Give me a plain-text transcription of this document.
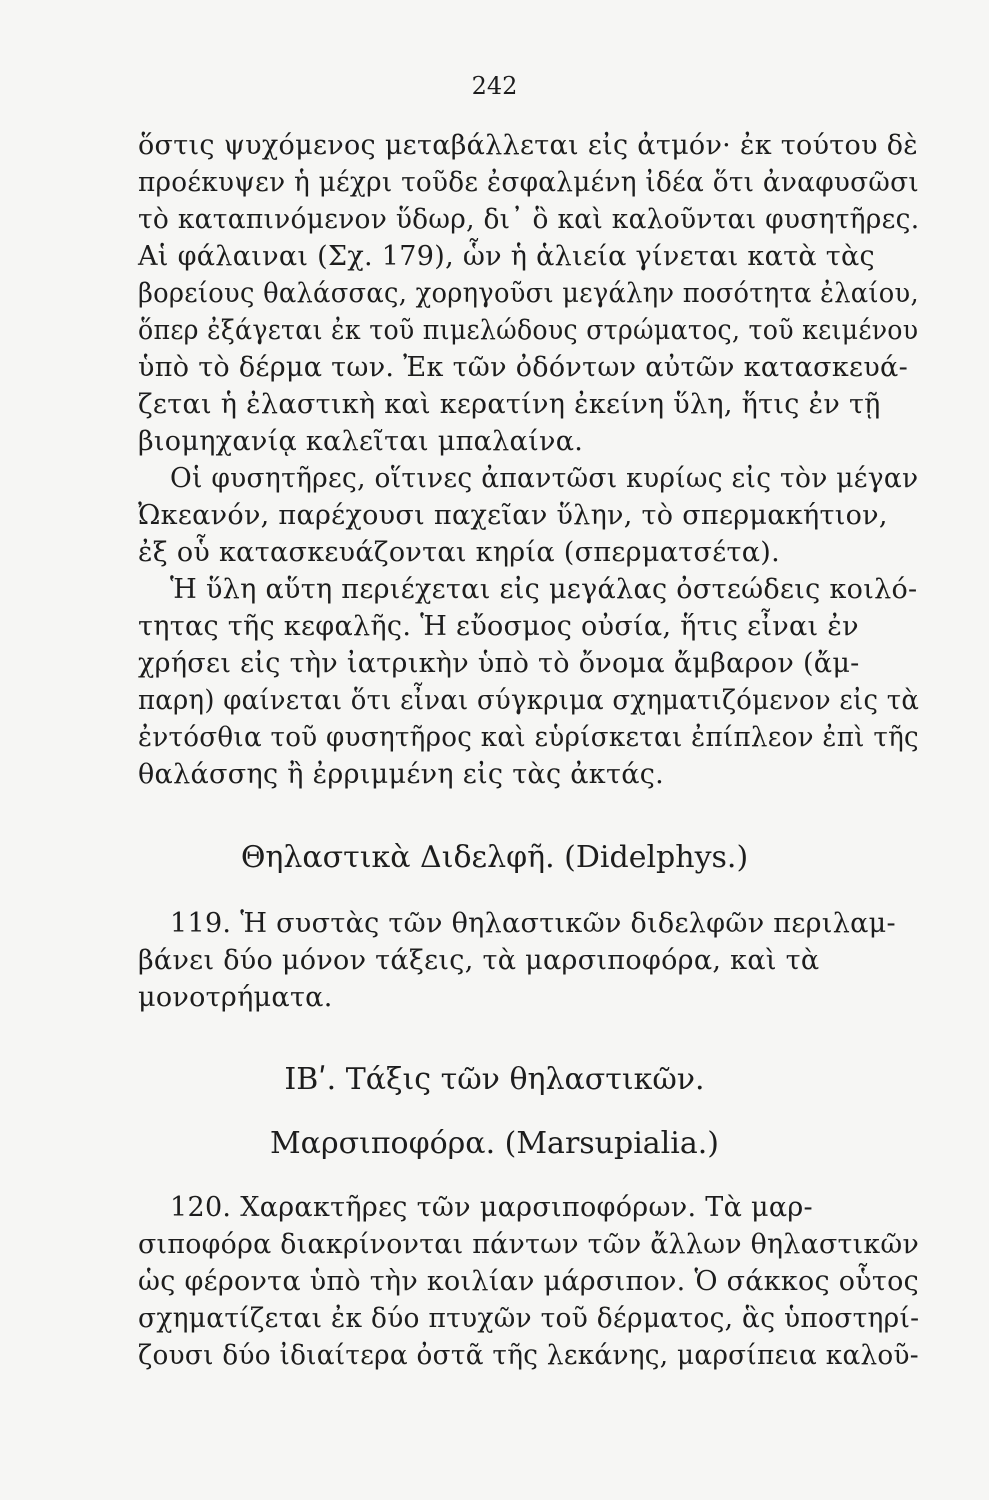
242
ὅστις ψυχόμενος μεταβάλλεται εἰς ἀτμόν· ἐκ τούτου δὲ
προέκυψεν ἡ μέχρι τοῦδε ἐσφαλμένη ἰδέα ὅτι ἀναφυσῶσι
τὸ καταπινόμενον ὕδωρ, δι᾽ ὃ καὶ καλοῦνται φυσητῆρες.
Αἱ φάλαιναι (Σχ. 179), ὧν ἡ ἁλιεία γίνεται κατὰ τὰς
βορείους θαλάσσας, χορηγοῦσι μεγάλην ποσότητα ἐλαίου,
ὅπερ ἐξάγεται ἐκ τοῦ πιμελώδους στρώματος, τοῦ κειμένου
ὑπὸ τὸ δέρμα των. Ἐκ τῶν ὀδόντων αὐτῶν κατασκευά-
ζεται ἡ ἐλαστικὴ καὶ κερατίνη ἐκείνη ὕλη, ἥτις ἐν τῇ
βιομηχανίᾳ καλεῖται μπαλαίνα.
Οἱ φυσητῆρες, οἵτινες ἀπαντῶσι κυρίως εἰς τὸν μέγαν
Ὠκεανόν, παρέχουσι παχεῖαν ὕλην, τὸ σπερμακήτιον,
ἐξ οὗ κατασκευάζονται κηρία (σπερματσέτα).
Ἡ ὕλη αὕτη περιέχεται εἰς μεγάλας ὀστεώδεις κοιλό-
τητας τῆς κεφαλῆς. Ἡ εὔοσμος οὐσία, ἥτις εἶναι ἐν
χρήσει εἰς τὴν ἰατρικὴν ὑπὸ τὸ ὄνομα ἄμβαρον (ἄμ-
παρη) φαίνεται ὅτι εἶναι σύγκριμα σχηματιζόμενον εἰς τὰ
ἐντόσθια τοῦ φυσητῆρος καὶ εὑρίσκεται ἐπίπλεον ἐπὶ τῆς
θαλάσσης ἢ ἐρριμμένη εἰς τὰς ἀκτάς.
Θηλαστικὰ Διδελφῆ. (Didelphys.)
119. Ἡ συστὰς τῶν θηλαστικῶν διδελφῶν περιλαμ-
βάνει δύο μόνον τάξεις, τὰ μαρσιποφόρα, καὶ τὰ
μονοτρήματα.
ΙΒʹ. Τάξις τῶν θηλαστικῶν.
Μαρσιποφόρα. (Marsupialia.)
120. Χαρακτῆρες τῶν μαρσιποφόρων. Τὰ μαρ-
σιποφόρα διακρίνονται πάντων τῶν ἄλλων θηλαστικῶν
ὡς φέροντα ὑπὸ τὴν κοιλίαν μάρσιπον. Ὁ σάκκος οὗτος
σχηματίζεται ἐκ δύο πτυχῶν τοῦ δέρματος, ἃς ὑποστηρί-
ζουσι δύο ἰδιαίτερα ὀστᾶ τῆς λεκάνης, μαρσίπεια καλοῦ-
